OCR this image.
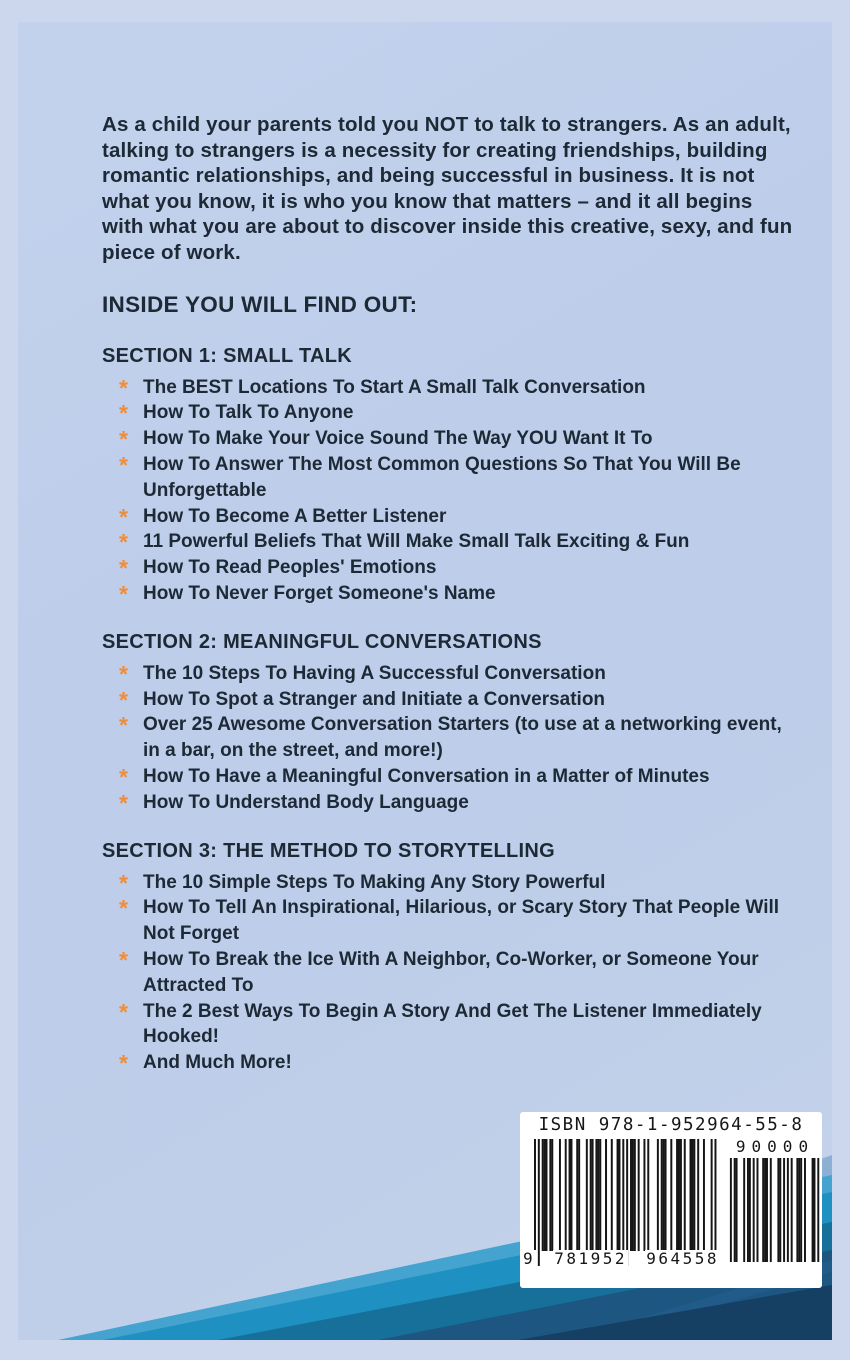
As a child your parents told you NOT to talk to strangers. As an adult, talking to strangers is a necessity for creating friendships, building romantic relationships, and being successful in business. It is not what you know, it is who you know that matters – and it all begins with what you are about to discover inside this creative, sexy, and fun piece of work.

INSIDE YOU WILL FIND OUT:
SECTION 1: SMALL TALK
* The BEST Locations To Start A Small Talk Conversation
* How To Talk To Anyone
* How To Make Your Voice Sound The Way YOU Want It To
* How To Answer The Most Common Questions So That You Will Be Unforgettable
* How To Become A Better Listener
* 11 Powerful Beliefs That Will Make Small Talk Exciting & Fun
* How To Read Peoples' Emotions
* How To Never Forget Someone's Name
SECTION 2: MEANINGFUL CONVERSATIONS
* The 10 Steps To Having A Successful Conversation
* How To Spot a Stranger and Initiate a Conversation
* Over 25 Awesome Conversation Starters (to use at a networking event, in a bar, on the street, and more!)
* How To Have a Meaningful Conversation in a Matter of Minutes
* How To Understand Body Language
SECTION 3: THE METHOD TO STORYTELLING
* The 10 Simple Steps To Making Any Story Powerful
* How To Tell An Inspirational, Hilarious, or Scary Story That People Will Not Forget
* How To Break the Ice With A Neighbor, Co-Worker, or Someone Your Attracted To
* The 2 Best Ways To Begin A Story And Get The Listener Immediately Hooked!
* And Much More!
ISBN 978-1-952964-55-8
90000
9 781952 964558
